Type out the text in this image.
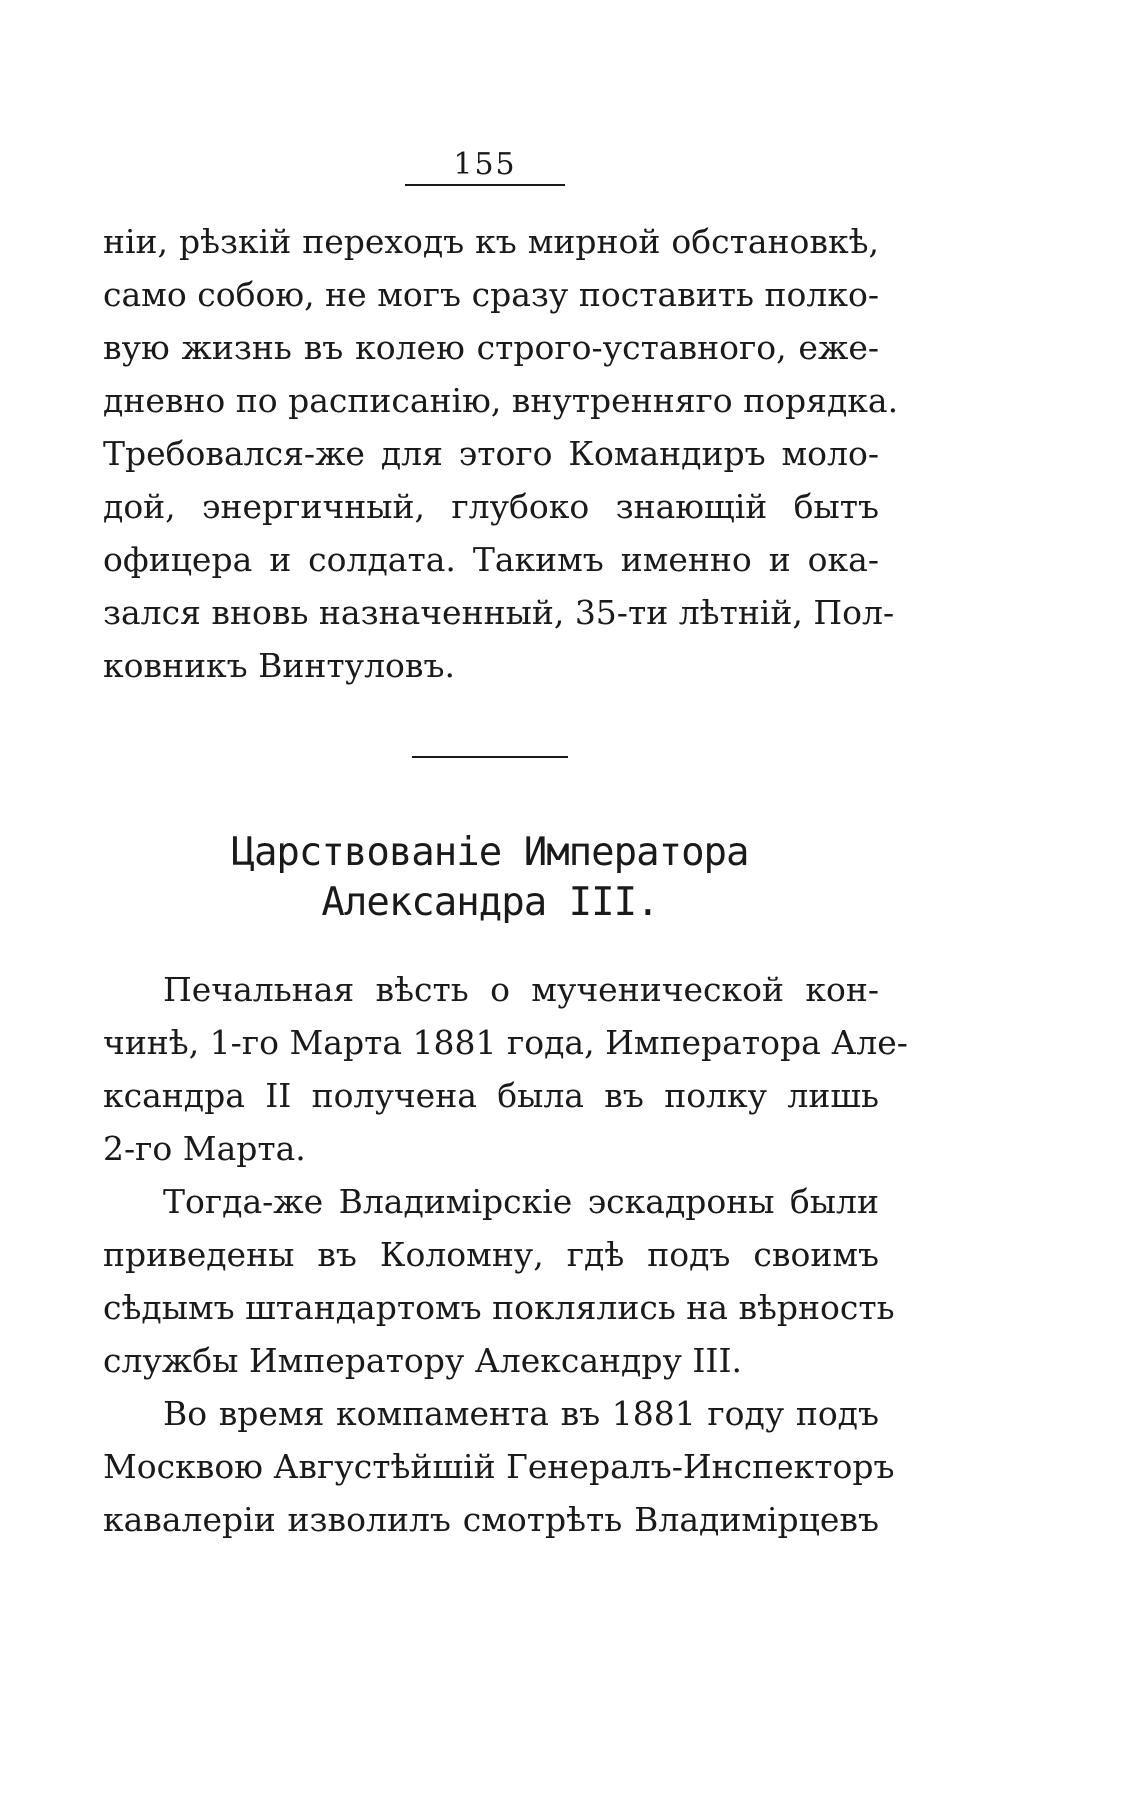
155
ніи, рѣзкій переходъ къ мирной обстановкѣ,
само собою, не могъ сразу поставить полко-
вую жизнь въ колею строго-уставного, еже-
дневно по расписанію, внутренняго порядка.
Требовался-же для этого Командиръ моло-
дой, энергичный, глубоко знающій бытъ
офицера и солдата. Такимъ именно и ока-
зался вновь назначенный, 35-ти лѣтній, Пол-
ковникъ Винтуловъ.
Царствованіе Императора
Александра III.
Печальная вѣсть о мученической кон-
чинѣ, 1-го Марта 1881 года, Императора Але-
ксандра II получена была въ полку лишь
2-го Марта.
Тогда-же Владимірскіе эскадроны были
приведены въ Коломну, гдѣ подъ своимъ
сѣдымъ штандартомъ поклялись на вѣрность
службы Императору Александру III.
Во время компамента въ 1881 году подъ
Москвою Августѣйшій Генералъ-Инспекторъ
кавалеріи изволилъ смотрѣть Владимірцевъ
